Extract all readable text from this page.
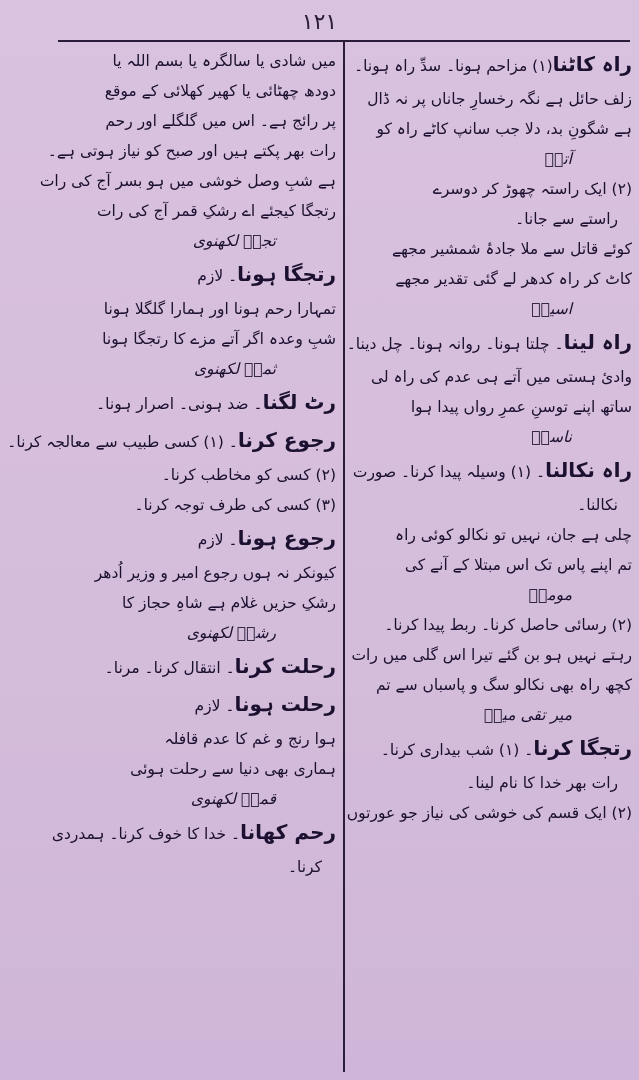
۱۲۱
راہ کاٹنا(۱) مزاحم ہونا۔ سدِّ راہ ہونا۔
زلف حائل ہے نگہ رخسارِ جاناں پر نہ ڈال
ہے شگونِ بد، دلا جب سانپ کاٹے راہ کو
آتشؔ
(۲) ایک راستہ چھوڑ کر دوسرے
راستے سے جانا۔
کوئے قاتل سے ملا جادۂ شمشیر مجھے
کاٹ کر راہ کدھر لے گئی تقدیر مجھے
اسیرؔ
راہ لینا۔ چلتا ہونا۔ روانہ ہونا۔ چل دینا۔
وادیٔ ہستی میں آتے ہی عدم کی راہ لی
ساتھ اپنے توسنِ عمرِ رواں پیدا ہوا
ناسخؔ
راہ نکالنا۔ (۱) وسیلہ پیدا کرنا۔ صورت
نکالنا۔
چلی ہے جان، نہیں تو نکالو کوئی راہ
تم اپنے پاس تک اس مبتلا کے آنے کی
مومنؔ
(۲) رسائی حاصل کرنا۔ ربط پیدا کرنا۔
رہتے نہیں ہو بن گئے تیرا اس گلی میں رات
کچھ راہ بھی نکالو سگ و پاسباں سے تم
میر تقی میرؔ
رتجگا کرنا۔ (۱) شب بیداری کرنا۔
رات بھر خدا کا نام لینا۔
(۲) ایک قسم کی خوشی کی نیاز جو عورتوں
میں شادی یا سالگرہ یا بسم اللہ یا
دودھ چھٹائی یا کھیر کھلائی کے موقع
پر رائج ہے۔ اس میں گلگلے اور رحم
رات بھر پکتے ہیں اور صبح کو نیاز ہوتی ہے۔
ہے شبِ وصل خوشی میں ہو بسر آج کی رات
رتجگا کیجئے اے رشکِ قمر آج کی رات
تجرؔ لکھنوی
رتجگا ہونا۔ لازم
تمہارا رحم ہونا اور ہمارا گلگلا ہونا
شبِ وعدہ اگر آتے مزے کا رتجگا ہونا
ثمنؔ لکھنوی
رٹ لگنا۔ ضد ہونی۔ اصرار ہونا۔
رجوع کرنا۔ (۱) کسی طبیب سے معالجہ کرنا۔
(۲) کسی کو مخاطب کرنا۔
(۳) کسی کی طرف توجہ کرنا۔
رجوع ہونا۔ لازم
کیونکر نہ ہوں رجوع امیر و وزیر اُدھر
رشکِ حزیں غلام ہے شاہِ حجاز کا
رشکؔ لکھنوی
رحلت کرنا۔ انتقال کرنا۔ مرنا۔
رحلت ہونا۔ لازم
ہوا رنج و غم کا عدم قافلہ
ہماری بھی دنیا سے رحلت ہوئی
قمرؔ لکھنوی
رحم کھانا۔ خدا کا خوف کرنا۔ ہمدردی
کرنا۔
